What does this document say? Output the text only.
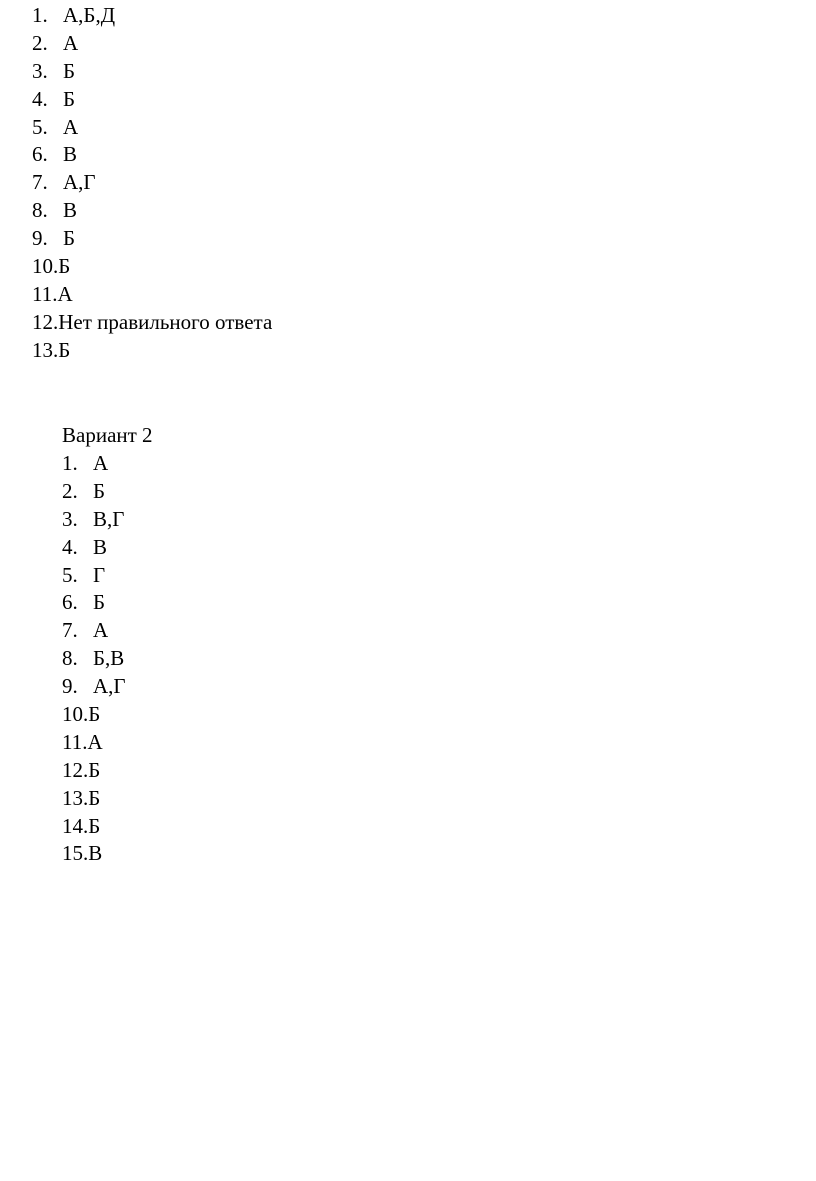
1. А,Б,Д
2. А
3. Б
4. Б
5. А
6. В
7. А,Г
8. В
9. Б
10. Б
11. А
12. Нет правильного ответа
13. Б
Вариант 2
1. А
2. Б
3. В,Г
4. В
5. Г
6. Б
7. А
8. Б,В
9. А,Г
10. Б
11. А
12. Б
13. Б
14. Б
15. В
